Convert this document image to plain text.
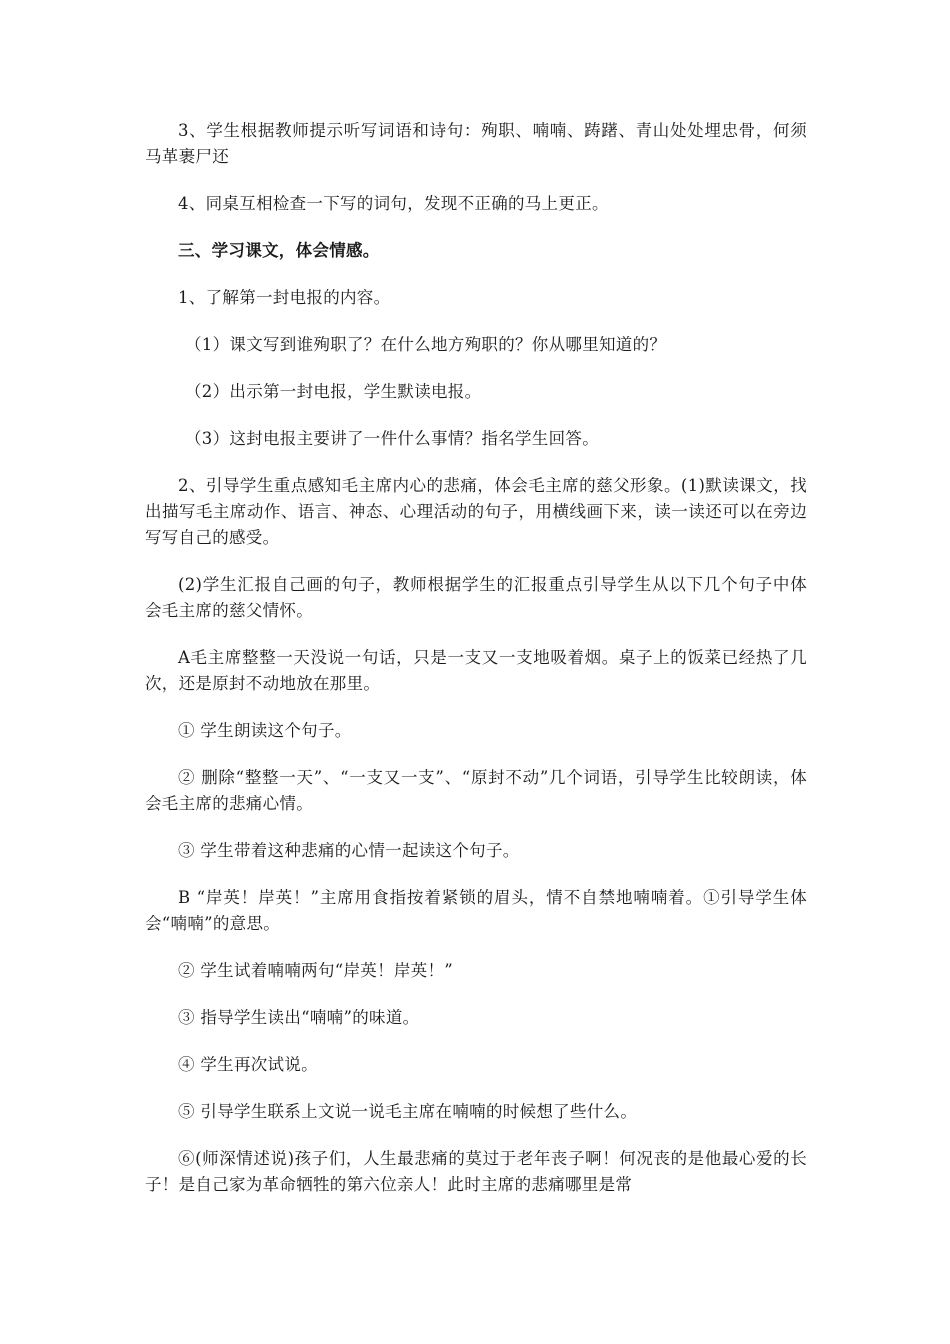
3、学生根据教师提示听写词语和诗句：殉职、喃喃、踌躇、青山处处埋忠骨，何须马革裹尸还

4、同桌互相检查一下写的词句，发现不正确的马上更正。

三、学习课文，体会情感。

1、了解第一封电报的内容。

（1）课文写到谁殉职了？在什么地方殉职的？你从哪里知道的？

（2）出示第一封电报，学生默读电报。

（3）这封电报主要讲了一件什么事情？指名学生回答。

2、引导学生重点感知毛主席内心的悲痛，体会毛主席的慈父形象。(1)默读课文，找出描写毛主席动作、语言、神态、心理活动的句子，用横线画下来，读一读还可以在旁边写写自己的感受。

(2)学生汇报自己画的句子，教师根据学生的汇报重点引导学生从以下几个句子中体会毛主席的慈父情怀。

A毛主席整整一天没说一句话，只是一支又一支地吸着烟。桌子上的饭菜已经热了几次，还是原封不动地放在那里。

① 学生朗读这个句子。

② 删除“整整一天”、“一支又一支”、“原封不动”几个词语，引导学生比较朗读，体会毛主席的悲痛心情。

③ 学生带着这种悲痛的心情一起读这个句子。

B “岸英！岸英！”主席用食指按着紧锁的眉头，情不自禁地喃喃着。①引导学生体会“喃喃”的意思。

② 学生试着喃喃两句“岸英！岸英！”

③ 指导学生读出“喃喃”的味道。

④ 学生再次试说。

⑤ 引导学生联系上文说一说毛主席在喃喃的时候想了些什么。

⑥(师深情述说)孩子们，人生最悲痛的莫过于老年丧子啊！何况丧的是他最心爱的长子！是自己家为革命牺牲的第六位亲人！此时主席的悲痛哪里是常
